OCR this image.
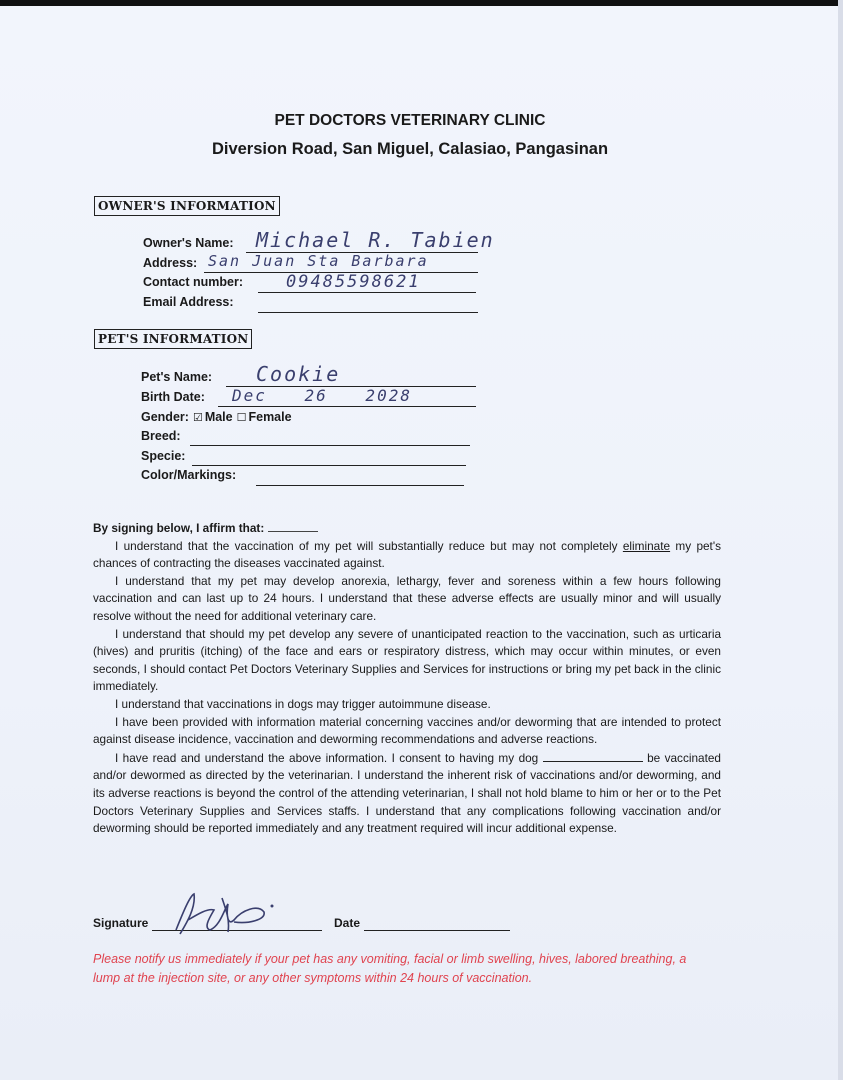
PET DOCTORS VETERINARY CLINIC
Diversion Road, San Miguel, Calasiao, Pangasinan
OWNER'S INFORMATION
Owner's Name: Michael R. Tabien
Address: San Juan Sta Barbara
Contact number:	09485598621
Email Address:
PET'S INFORMATION
Pet's Name: Cookie
Birth Date: Dec 26 2028
Gender: ☑ Male ☐ Female
Breed:
Specie:
Color/Markings:

By signing below, I affirm that:

I understand that the vaccination of my pet will substantially reduce but may not completely eliminate my pet's chances of contracting the diseases vaccinated against.

I understand that my pet may develop anorexia, lethargy, fever and soreness within a few hours following vaccination and can last up to 24 hours. I understand that these adverse effects are usually minor and will usually resolve without the need for additional veterinary care.

I understand that should my pet develop any severe of unanticipated reaction to the vaccination, such as urticaria (hives) and pruritis (itching) of the face and ears or respiratory distress, which may occur within minutes, or even seconds, I should contact Pet Doctors Veterinary Supplies and Services for instructions or bring my pet back in the clinic immediately.

I understand that vaccinations in dogs may trigger autoimmune disease.

I have been provided with information material concerning vaccines and/or deworming that are intended to protect against disease incidence, vaccination and deworming recommendations and adverse reactions.

I have read and understand the above information. I consent to having my dog	be vaccinated and/or dewormed as directed by the veterinarian. I understand the inherent risk of vaccinations and/or deworming, and its adverse reactions is beyond the control of the attending veterinarian, I shall not hold blame to him or her or to the Pet Doctors Veterinary Supplies and Services staffs. I understand that any complications following vaccination and/or deworming should be reported immediately and any treatment required will incur additional expense.

Signature	Date
Please notify us immediately if your pet has any vomiting, facial or limb swelling, hives, labored breathing, a lump at the injection site, or any other symptoms within 24 hours of vaccination.
